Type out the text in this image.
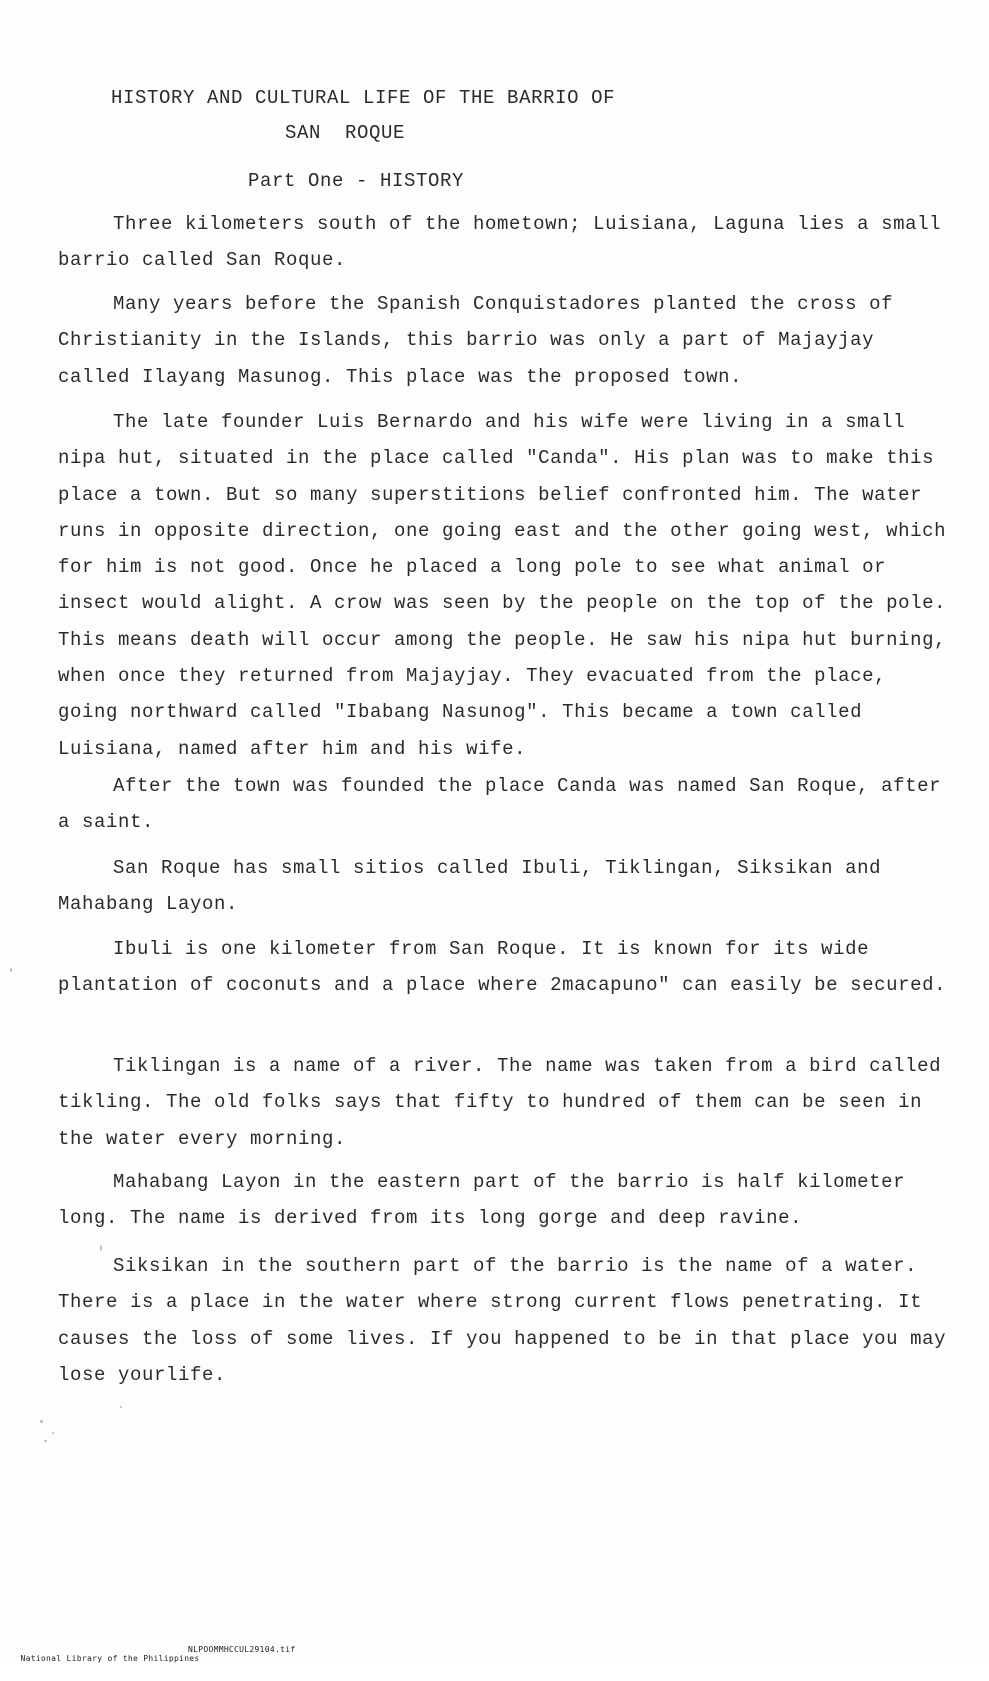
HISTORY AND CULTURAL LIFE OF THE BARRIO OF
SAN  ROQUE
Part One - HISTORY

Three kilometers south of the hometown; Luisiana, Laguna lies a small barrio called San Roque.

Many years before the Spanish Conquistadores planted the cross of Christianity in the Islands, this barrio was only a part of Majayjay called Ilayang Masunog. This place was the proposed town.

The late founder Luis Bernardo and his wife were living in a small nipa hut, situated in the place called "Canda". His plan was to make this place a town. But so many superstitions belief confronted him. The water runs in opposite direction, one going east and the other going west, which for him is not good. Once he placed a long pole to see what animal or insect would alight. A crow was seen by the people on the top of the pole. This means death will occur among the people. He saw his nipa hut burning, when once they returned from Majayjay. They evacuated from the place, going northward called "Ibabang Nasunog". This became a town called Luisiana, named after him and his wife.

After the town was founded the place Canda was named San Roque, after a saint.

San Roque has small sitios called Ibuli, Tiklingan, Siksikan and Mahabang Layon.

Ibuli is one kilometer from San Roque. It is known for its wide plantation of coconuts and a place where 2macapuno" can easily be secured.

Tiklingan is a name of a river. The name was taken from a bird called tikling. The old folks says that fifty to hundred of them can be seen in the water every morning.

Mahabang Layon in the eastern part of the barrio is half kilometer long. The name is derived from its long gorge and deep ravine.

Siksikan in the southern part of the barrio is the name of a water. There is a place in the water where strong current flows penetrating. It causes the loss of some lives. If you happened to be in that place you may lose yourlife.

National Library of the Philippines

NLPOOMMHCCUL29104.tif
